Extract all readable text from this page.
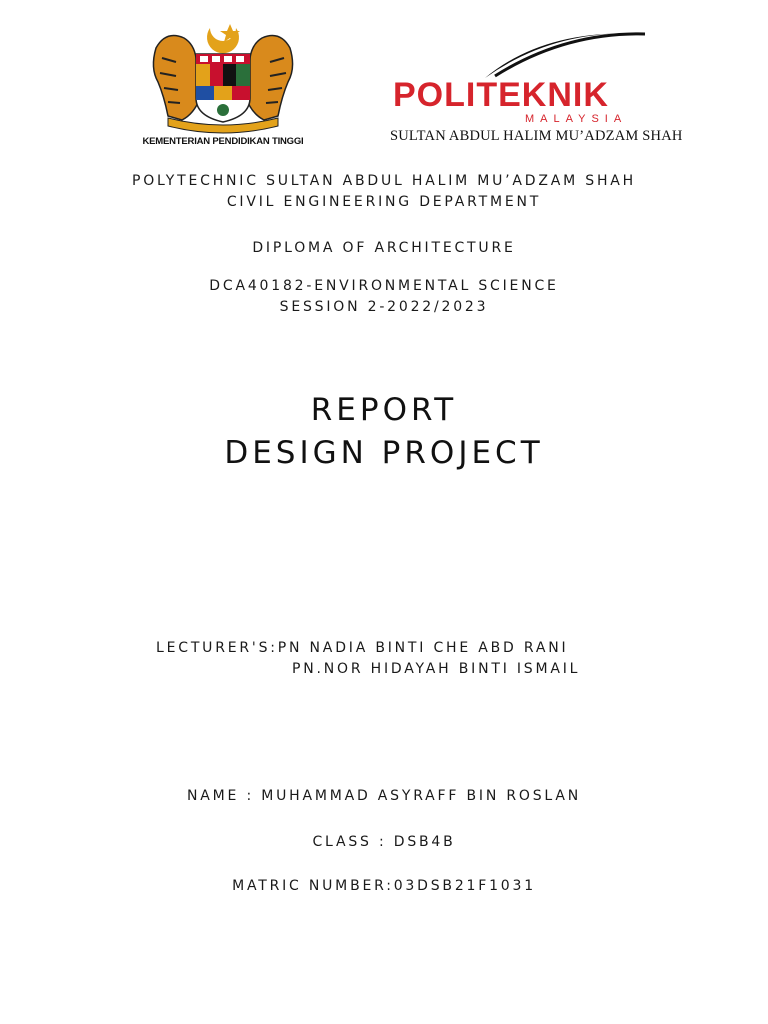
KEMENTERIAN PENDIDIKAN TINGGI
POLITEKNIK
MALAYSIA
SULTAN ABDUL HALIM MU’ADZAM SHAH
POLYTECHNIC SULTAN ABDUL HALIM MU’ADZAM SHAH
CIVIL ENGINEERING DEPARTMENT
DIPLOMA OF ARCHITECTURE
DCA40182-ENVIRONMENTAL SCIENCE
SESSION 2-2022/2023
REPORT
DESIGN PROJECT
LECTURER'S:PN NADIA BINTI CHE ABD RANI
PN.NOR HIDAYAH BINTI ISMAIL
NAME : MUHAMMAD ASYRAFF BIN ROSLAN
CLASS : DSB4B
MATRIC NUMBER:03DSB21F1031
